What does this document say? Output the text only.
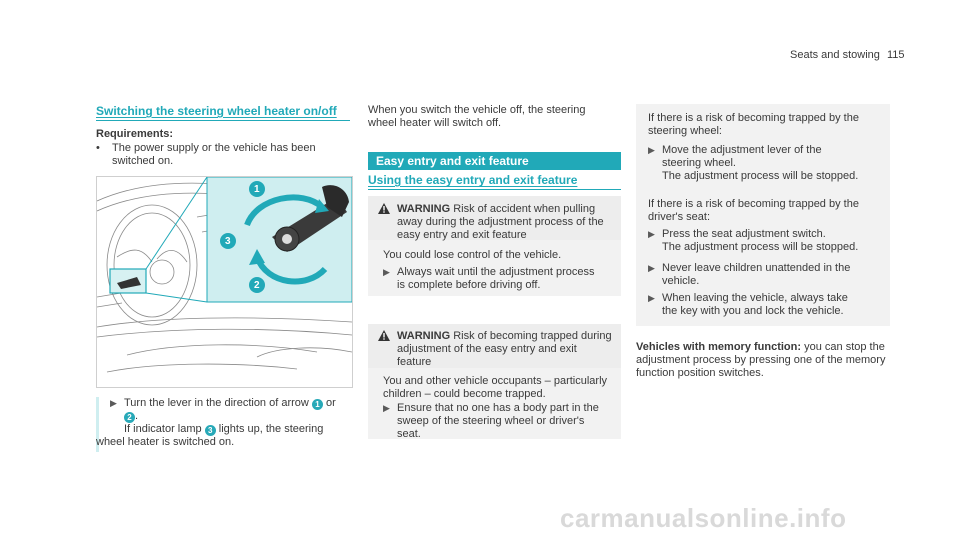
Seats and stowing 115
Switching the steering wheel heater on/off
Requirements:
• The power supply or the vehicle has been switched on.
1
3
2
▶ Turn the lever in the direction of arrow 1 or
2 .
If indicator lamp 3 lights up, the steering wheel heater is switched on.
When you switch the vehicle off, the steering wheel heater will switch off.
Easy entry and exit feature
Using the easy entry and exit feature
WARNING Risk of accident when pulling away during the adjustment process of the easy entry and exit feature
You could lose control of the vehicle.
▶ Always wait until the adjustment process is complete before driving off.
WARNING Risk of becoming trapped during adjustment of the easy entry and exit feature
You and other vehicle occupants – particularly children – could become trapped.
▶ Ensure that no one has a body part in the sweep of the steering wheel or driver's seat.
If there is a risk of becoming trapped by the steering wheel:
▶ Move the adjustment lever of the steering wheel.
The adjustment process will be stopped.
If there is a risk of becoming trapped by the driver's seat:
▶ Press the seat adjustment switch.
The adjustment process will be stopped.
▶ Never leave children unattended in the vehicle.
▶ When leaving the vehicle, always take the key with you and lock the vehicle.
Vehicles with memory function: you can stop the adjustment process by pressing one of the memory function position switches.
carmanualsonline.info
